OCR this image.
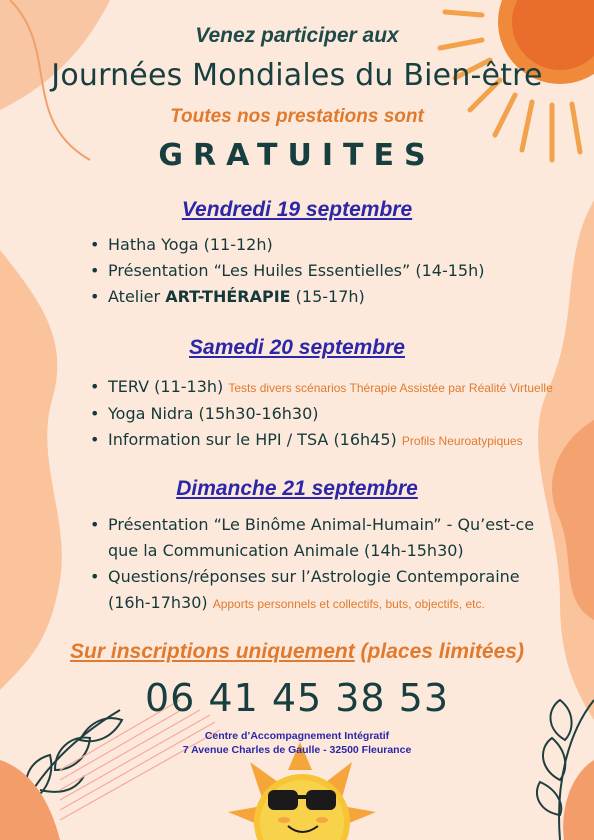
Venez participer aux
Journées Mondiales du Bien-être
Toutes nos prestations sont
GRATUITES
Vendredi 19 septembre
• Hatha Yoga (11-12h)
• Présentation “Les Huiles Essentielles” (14-15h)
• Atelier ART-THÉRAPIE (15-17h)
Samedi 20 septembre
• TERV (11-13h) Tests divers scénarios Thérapie Assistée par Réalité Virtuelle
• Yoga Nidra (15h30-16h30)
• Information sur le HPI / TSA (16h45) Profils Neuroatypiques
Dimanche 21 septembre
• Présentation “Le Binôme Animal-Humain” - Qu’est-ce
que la Communication Animale (14h-15h30)
• Questions/réponses sur l’Astrologie Contemporaine
(16h-17h30) Apports personnels et collectifs, buts, objectifs, etc.
Sur inscriptions uniquement (places limitées)
06 41 45 38 53
Centre d’Accompagnement Intégratif
7 Avenue Charles de Gaulle - 32500 Fleurance
